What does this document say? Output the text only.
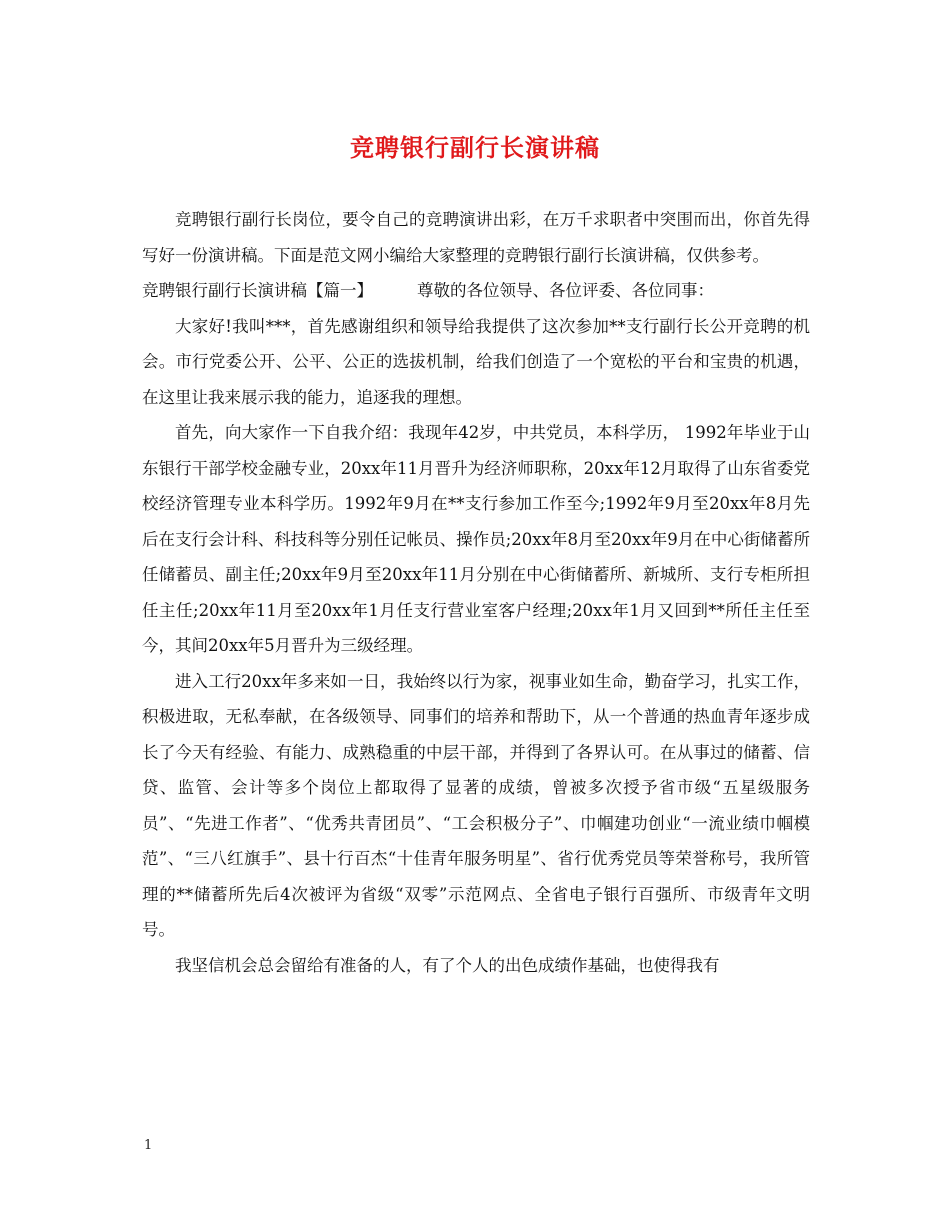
竞聘银行副行长演讲稿

竞聘银行副行长岗位，要令自己的竞聘演讲出彩，在万千求职者中突围而出，你首先得写好一份演讲稿。下面是范文网小编给大家整理的竞聘银行副行长演讲稿，仅供参考。

竞聘银行副行长演讲稿【篇一】	尊敬的各位领导、各位评委、各位同事：

大家好!我叫***，首先感谢组织和领导给我提供了这次参加**支行副行长公开竞聘的机会。市行党委公开、公平、公正的选拔机制，给我们创造了一个宽松的平台和宝贵的机遇，在这里让我来展示我的能力，追逐我的理想。

首先，向大家作一下自我介绍：我现年42岁，中共党员，本科学历， 1992年毕业于山东银行干部学校金融专业，20xx年11月晋升为经济师职称，20xx年12月取得了山东省委党校经济管理专业本科学历。1992年9月在**支行参加工作至今;1992年9月至20xx年8月先后在支行会计科、科技科等分别任记帐员、操作员;20xx年8月至20xx年9月在中心街储蓄所任储蓄员、副主任;20xx年9月至20xx年11月分别在中心街储蓄所、新城所、支行专柜所担任主任;20xx年11月至20xx年1月任支行营业室客户经理;20xx年1月又回到**所任主任至今，其间20xx年5月晋升为三级经理。

进入工行20xx年多来如一日，我始终以行为家，视事业如生命，勤奋学习，扎实工作，积极进取，无私奉献，在各级领导、同事们的培养和帮助下，从一个普通的热血青年逐步成长了今天有经验、有能力、成熟稳重的中层干部，并得到了各界认可。在从事过的储蓄、信贷、监管、会计等多个岗位上都取得了显著的成绩，曾被多次授予省市级“五星级服务员”、“先进工作者”、“优秀共青团员”、“工会积极分子”、巾帼建功创业“一流业绩巾帼模范”、“三八红旗手”、县十行百杰“十佳青年服务明星”、省行优秀党员等荣誉称号，我所管理的**储蓄所先后4次被评为省级“双零”示范网点、全省电子银行百强所、市级青年文明号。

我坚信机会总会留给有准备的人，有了个人的出色成绩作基础，也使得我有

1
